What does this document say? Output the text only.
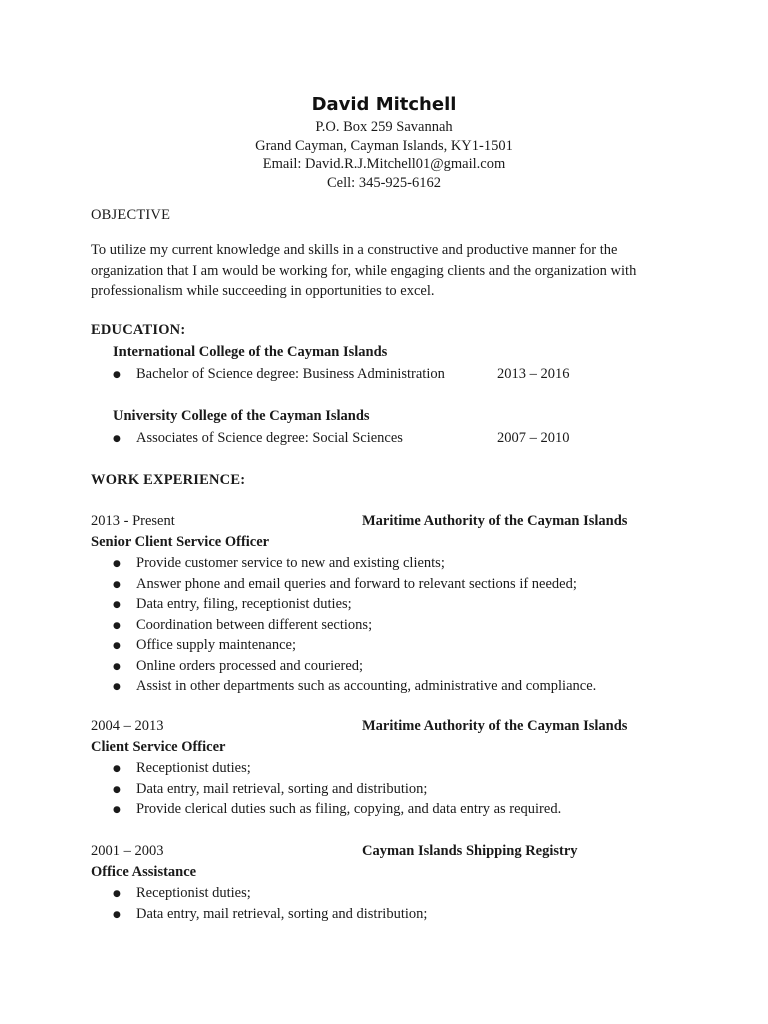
David Mitchell
P.O. Box 259 Savannah
Grand Cayman, Cayman Islands, KY1-1501
Email: David.R.J.Mitchell01@gmail.com
Cell: 345-925-6162
OBJECTIVE
To utilize my current knowledge and skills in a constructive and productive manner for the organization that I am would be working for, while engaging clients and the organization with professionalism while succeeding in opportunities to excel.
EDUCATION:
International College of the Cayman Islands
● Bachelor of Science degree: Business Administration	2013 – 2016
University College of the Cayman Islands
● Associates of Science degree: Social Sciences	2007 – 2010
WORK EXPERIENCE:
2013 - Present	Maritime Authority of the Cayman Islands
Senior Client Service Officer
● Provide customer service to new and existing clients;
● Answer phone and email queries and forward to relevant sections if needed;
● Data entry, filing, receptionist duties;
● Coordination between different sections;
● Office supply maintenance;
● Online orders processed and couriered;
● Assist in other departments such as accounting, administrative and compliance.
2004 – 2013	Maritime Authority of the Cayman Islands
Client Service Officer
● Receptionist duties;
● Data entry, mail retrieval, sorting and distribution;
● Provide clerical duties such as filing, copying, and data entry as required.
2001 – 2003	Cayman Islands Shipping Registry
Office Assistance
● Receptionist duties;
● Data entry, mail retrieval, sorting and distribution;
